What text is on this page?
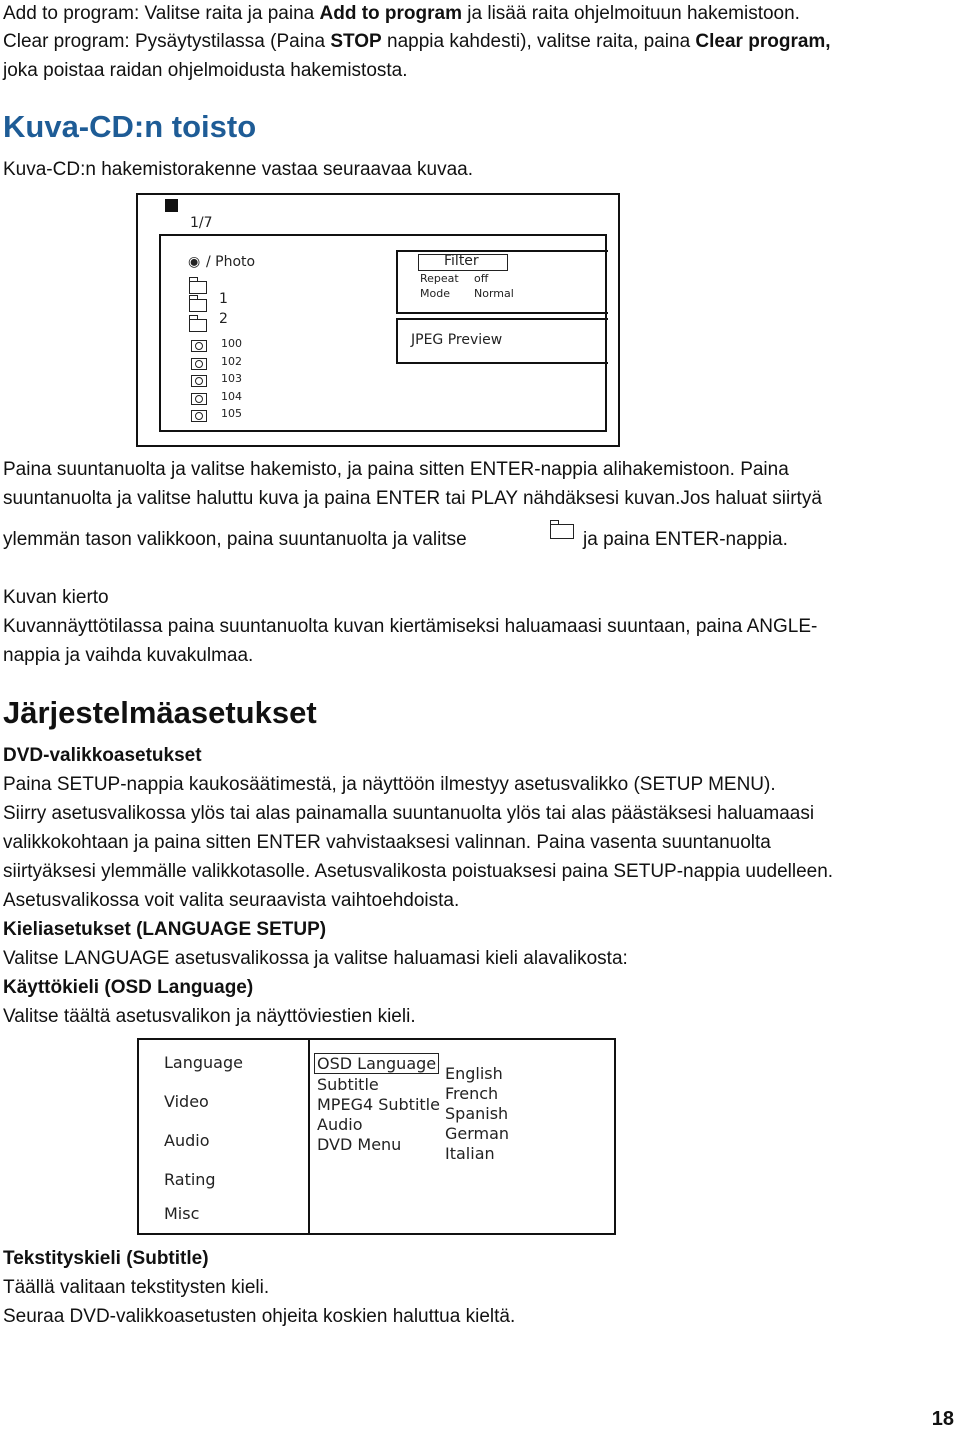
Add to program: Valitse raita ja paina Add to program ja lisää raita ohjelmoituun hakemistoon.
Clear program: Pysäytystilassa (Paina STOP nappia kahdesti), valitse raita, paina Clear program,
joka poistaa raidan ohjelmoidusta hakemistosta.
Kuva-CD:n toisto
Kuva-CD:n hakemistorakenne vastaa seuraavaa kuvaa.
1/7
◉ / Photo
1
2
100
102
103
104
105
Filter
Repeat off
Mode Normal
JPEG Preview
Paina suuntanuolta ja valitse hakemisto, ja paina sitten ENTER-nappia alihakemistoon. Paina
suuntanuolta ja valitse haluttu kuva ja paina ENTER tai PLAY nähdäksesi kuvan.Jos haluat siirtyä
ylemmän tason valikkoon, paina suuntanuolta ja valitse	ja paina ENTER-nappia.
Kuvan kierto
Kuvannäyttötilassa paina suuntanuolta kuvan kiertämiseksi haluamaasi suuntaan, paina ANGLE-
nappia ja vaihda kuvakulmaa.
Järjestelmäasetukset
DVD-valikkoasetukset
Paina SETUP-nappia kaukosäätimestä, ja näyttöön ilmestyy asetusvalikko (SETUP MENU).
Siirry asetusvalikossa ylös tai alas painamalla suuntanuolta ylös tai alas päästäksesi haluamaasi
valikkokohtaan ja paina sitten ENTER vahvistaaksesi valinnan. Paina vasenta suuntanuolta
siirtyäksesi ylemmälle valikkotasolle. Asetusvalikosta poistuaksesi paina SETUP-nappia uudelleen.
Asetusvalikossa voit valita seuraavista vaihtoehdoista.
Kieliasetukset (LANGUAGE SETUP)
Valitse LANGUAGE asetusvalikossa ja valitse haluamasi kieli alavalikosta:
Käyttökieli (OSD Language)
Valitse täältä asetusvalikon ja näyttöviestien kieli.
Language
Video
Audio
Rating
Misc
OSD Language
Subtitle
MPEG4 Subtitle
Audio
DVD Menu
English
French
Spanish
German
Italian
Tekstityskieli (Subtitle)
Täällä valitaan tekstitysten kieli.
Seuraa DVD-valikkoasetusten ohjeita koskien haluttua kieltä.
18
